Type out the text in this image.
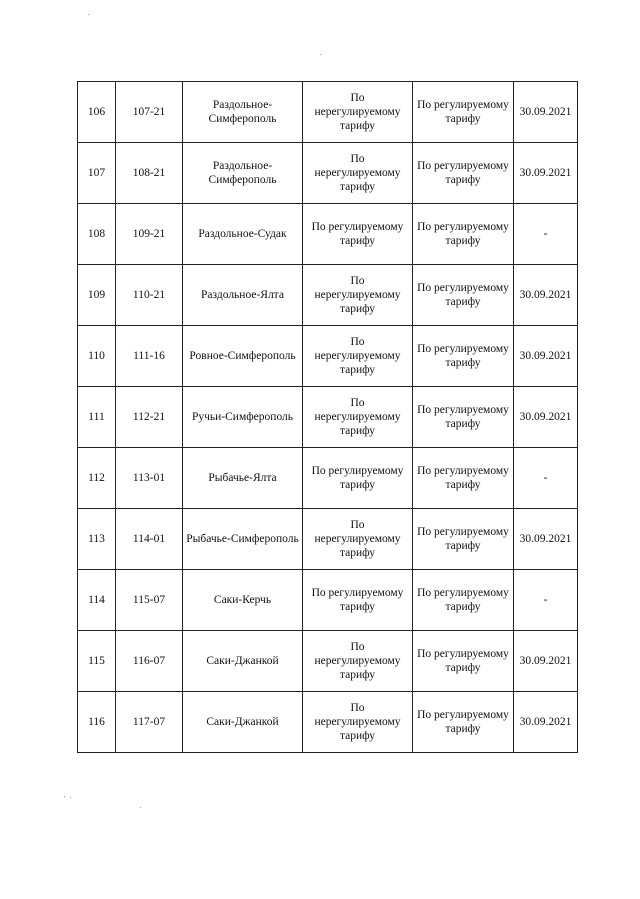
106	107-21	Раздольное-Симферополь	По нерегулируемому тарифу	По регулируемому тарифу	30.09.2021
107	108-21	Раздольное-Симферополь	По нерегулируемому тарифу	По регулируемому тарифу	30.09.2021
108	109-21	Раздольное-Судак	По регулируемому тарифу	По регулируемому тарифу	-
109	110-21	Раздольное-Ялта	По нерегулируемому тарифу	По регулируемому тарифу	30.09.2021
110	111-16	Ровное-Симферополь	По нерегулируемому тарифу	По регулируемому тарифу	30.09.2021
111	112-21	Ручьи-Симферополь	По нерегулируемому тарифу	По регулируемому тарифу	30.09.2021
112	113-01	Рыбачье-Ялта	По регулируемому тарифу	По регулируемому тарифу	-
113	114-01	Рыбачье-Симферополь	По нерегулируемому тарифу	По регулируемому тарифу	30.09.2021
114	115-07	Саки-Керчь	По регулируемому тарифу	По регулируемому тарифу	-
115	116-07	Саки-Джанкой	По нерегулируемому тарифу	По регулируемому тарифу	30.09.2021
116	117-07	Саки-Джанкой	По нерегулируемому тарифу	По регулируемому тарифу	30.09.2021
